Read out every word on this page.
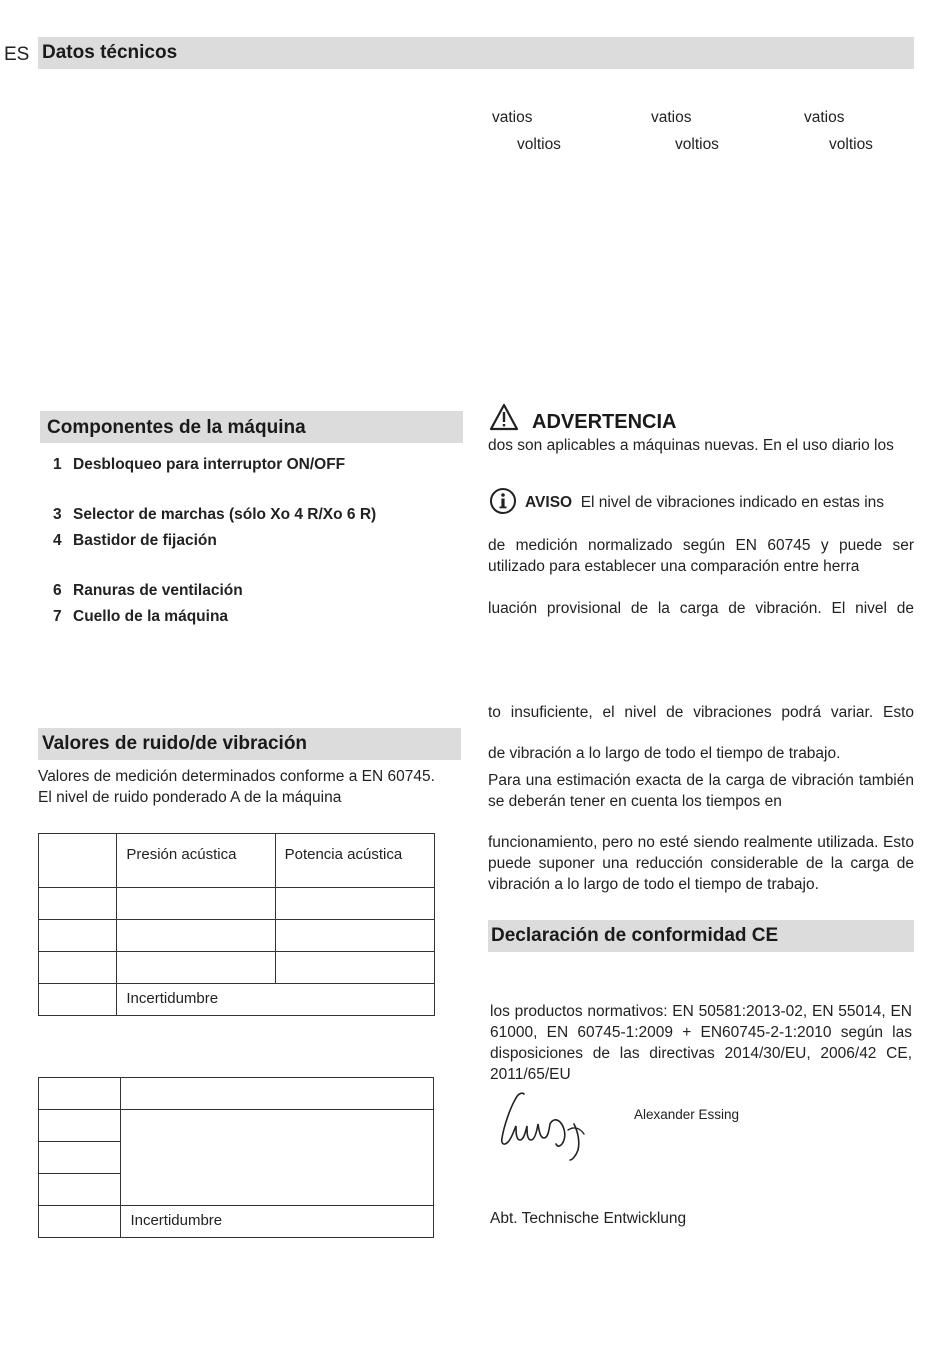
ES Datos técnicos
vatios	vatios	vatios
voltios	voltios	voltios
Componentes de la máquina
1 Desbloqueo para interruptor ON/OFF
3 Selector de marchas (sólo Xo 4 R/Xo 6 R)
4 Bastidor de fijación
6 Ranuras de ventilación
7 Cuello de la máquina
Valores de ruido/de vibración
Valores de medición determinados conforme a EN 60745. El nivel de ruido ponderado A de la máquina
	Presión acústica	Potencia acústica

	Incertidumbre	

	Incertidumbre
ADVERTENCIA
dos son aplicables a máquinas nuevas. En el uso diario los
AVISO El nivel de vibraciones indicado en estas ins
de medición normalizado según EN 60745 y puede ser utilizado para establecer una comparación entre herra
luación provisional de la carga de vibración. El nivel de
to insuficiente, el nivel de vibraciones podrá variar. Esto
de vibración a lo largo de todo el tiempo de trabajo.
Para una estimación exacta de la carga de vibración también se deberán tener en cuenta los tiempos en
funcionamiento, pero no esté siendo realmente utilizada. Esto puede suponer una reducción considerable de la carga de vibración a lo largo de todo el tiempo de trabajo.
Declaración de conformidad CE
los productos normativos: EN 50581:2013-02, EN 55014, EN 61000, EN 60745-1:2009 + EN60745-2-1:2010 según las disposiciones de las directivas 2014/30/EU, 2006/42 CE, 2011/65/EU
Alexander Essing
Abt. Technische Entwicklung
